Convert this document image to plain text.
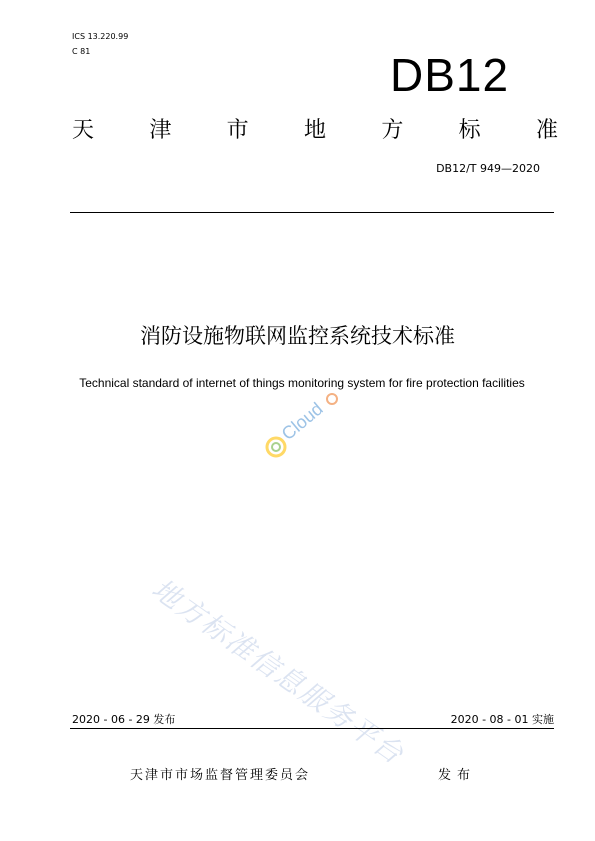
ICS 13.220.99
C 81	DB12
天	津	市	地	方	标	准
DB12/T 949—2020
消防设施物联网监控系统技术标准
Technical standard of internet of things monitoring system for fire protection facilities
Cloud
地方标准信息服务平台
2020 - 06 - 29 发布	2020 - 08 - 01 实施
天津市市场监督管理委员会	发布
